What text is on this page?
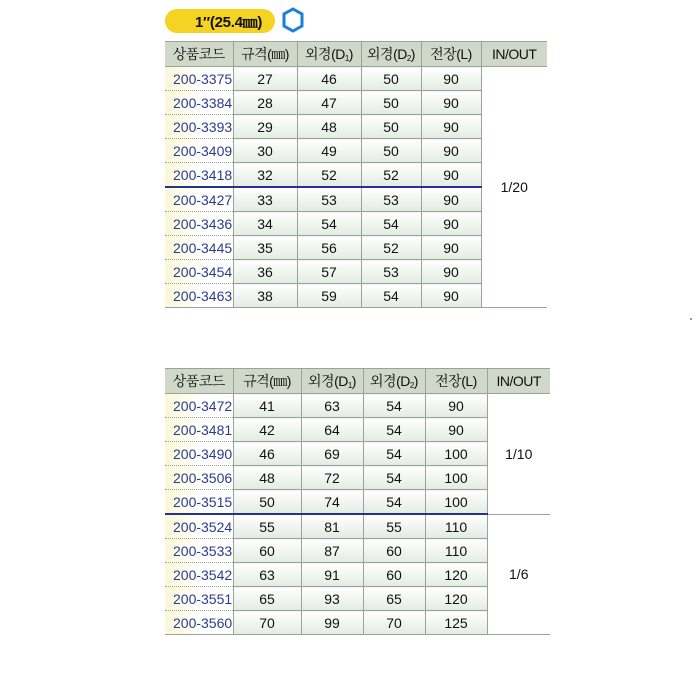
1″(25.4㎜)
상품코드	규격(㎜)	외경$(D_1)$	외경$(D_2)$	전장(L)	IN/OUT
200-3375	27	46	50	90	1/20
200-3384	28	47	50	90	
200-3393	29	48	50	90	
200-3409	30	49	50	90	
200-3418	32	52	52	90	
200-3427	33	53	53	90	
200-3436	34	54	54	90	
200-3445	35	56	52	90	
200-3454	36	57	53	90	
200-3463	38	59	54	90	
상품코드	규격(㎜)	외경$(D_1)$	외경$(D_2)$	전장(L)	IN/OUT
200-3472	41	63	54	90	1/10
200-3481	42	64	54	90	
200-3490	46	69	54	100	
200-3506	48	72	54	100	
200-3515	50	74	54	100	
200-3524	55	81	55	110	1/6
200-3533	60	87	60	110	
200-3542	63	91	60	120	
200-3551	65	93	65	120	
200-3560	70	99	70	125	
